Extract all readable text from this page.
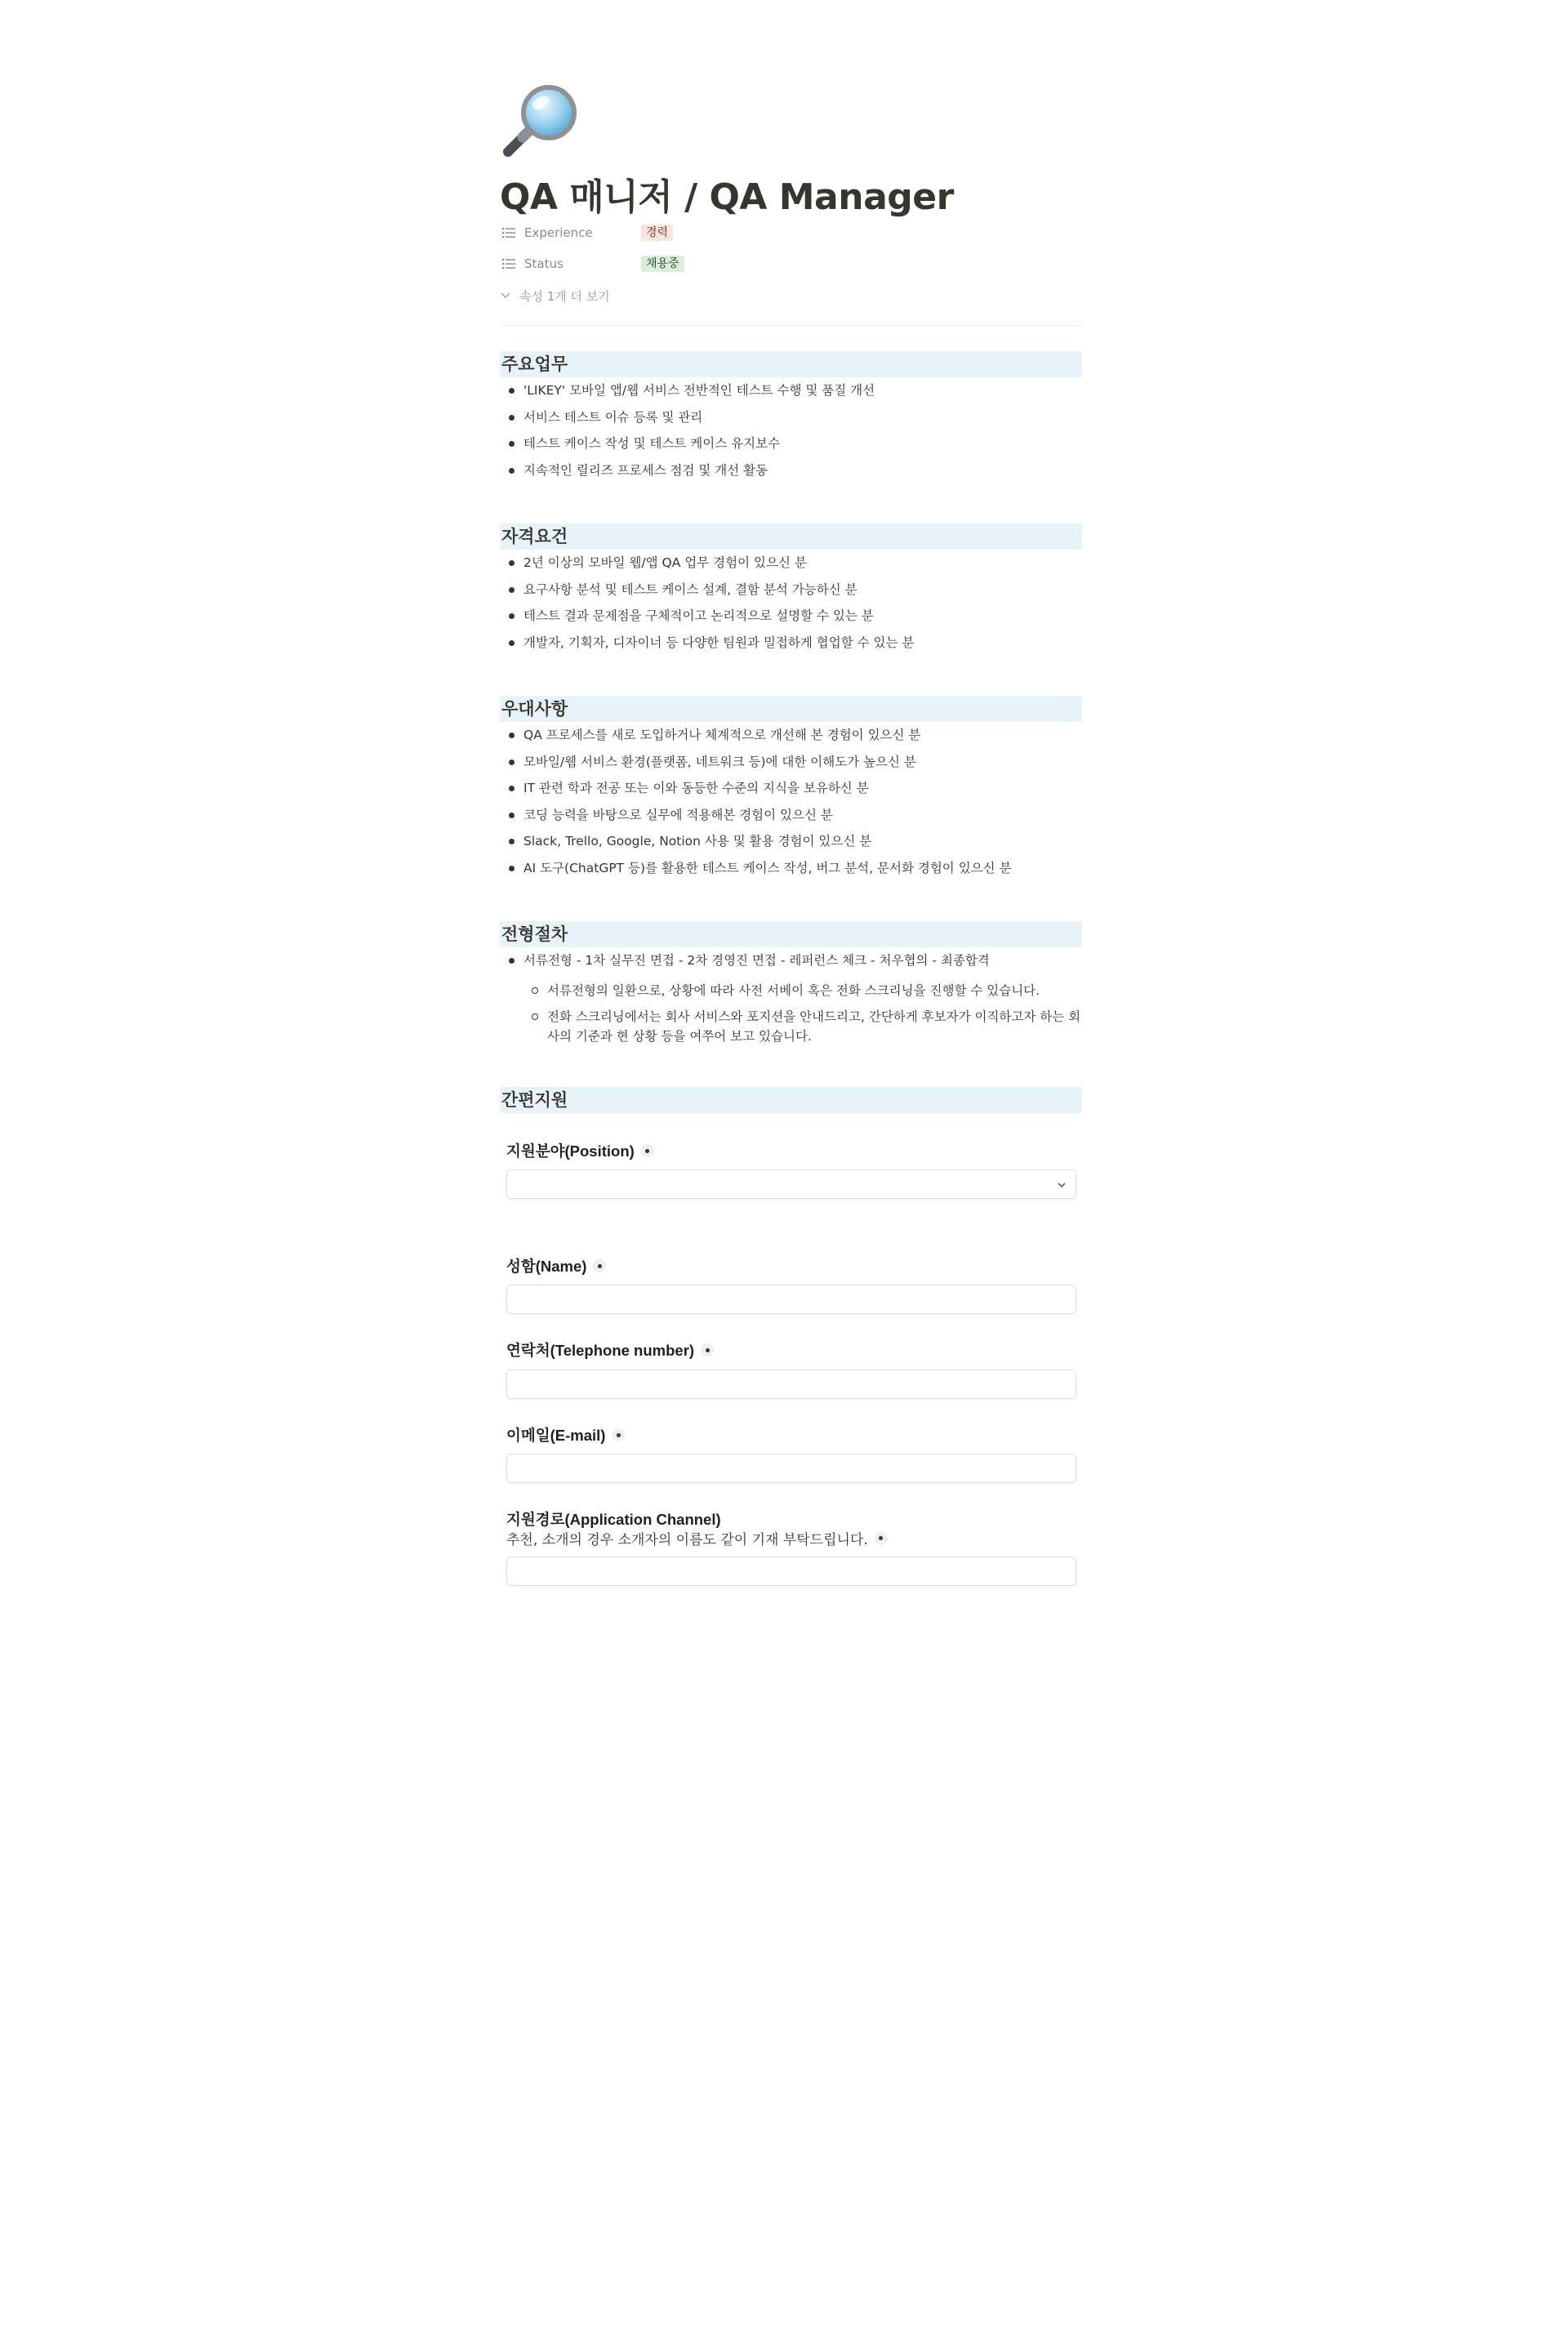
QA 매니저 / QA Manager
Experience	경력
Status	채용중
속성 1개 더 보기
주요업무
'LIKEY' 모바일 앱/웹 서비스 전반적인 테스트 수행 및 품질 개선
서비스 테스트 이슈 등록 및 관리
테스트 케이스 작성 및 테스트 케이스 유지보수
지속적인 릴리즈 프로세스 점검 및 개선 활동
자격요건
2년 이상의 모바일 웹/앱 QA 업무 경험이 있으신 분
요구사항 분석 및 테스트 케이스 설계, 결함 분석 가능하신 분
테스트 결과 문제점을 구체적이고 논리적으로 설명할 수 있는 분
개발자, 기획자, 디자이너 등 다양한 팀원과 밀접하게 협업할 수 있는 분
우대사항
QA 프로세스를 새로 도입하거나 체계적으로 개선해 본 경험이 있으신 분
모바일/웹 서비스 환경(플랫폼, 네트워크 등)에 대한 이해도가 높으신 분
IT 관련 학과 전공 또는 이와 동등한 수준의 지식을 보유하신 분
코딩 능력을 바탕으로 실무에 적용해본 경험이 있으신 분
Slack, Trello, Google, Notion 사용 및 활용 경험이 있으신 분
AI 도구(ChatGPT 등)를 활용한 테스트 케이스 작성, 버그 분석, 문서화 경험이 있으신 분
전형절차
서류전형 - 1차 실무진 면접 - 2차 경영진 면접 - 레퍼런스 체크 - 처우협의 - 최종합격
서류전형의 일환으로, 상황에 따라 사전 서베이 혹은 전화 스크리닝을 진행할 수 있습니다.
전화 스크리닝에서는 회사 서비스와 포지션을 안내드리고, 간단하게 후보자가 이직하고자 하는 회사의 기준과 현 상황 등을 여쭈어 보고 있습니다.
간편지원
지원분야(Position)
성함(Name)
연락처(Telephone number)
이메일(E-mail)
지원경로(Application Channel)
추천, 소개의 경우 소개자의 이름도 같이 기재 부탁드립니다.
